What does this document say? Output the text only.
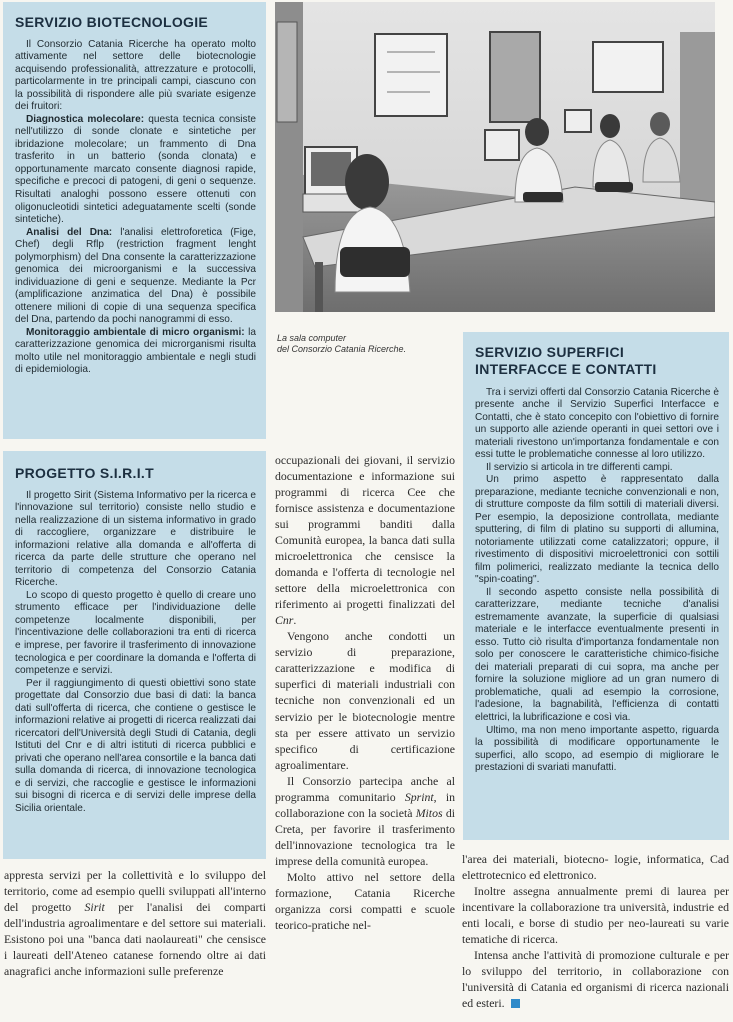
SERVIZIO BIOTECNOLOGIE

Il Consorzio Catania Ricerche ha operato molto attivamente nel settore delle biotecnologie acquisendo professionalità, attrezzature e protocolli, particolarmente in tre principali campi, ciascuno con la possibilità di rispondere alle più svariate esigenze dei fruitori:

Diagnostica molecolare: questa tecnica consiste nell'utilizzo di sonde clonate e sintetiche per ibridazione molecolare; un frammento di Dna trasferito in un batterio (sonda clonata) e opportunamente marcato consente diagnosi rapide, specifiche e precoci di patogeni, di geni o sequenze. Risultati analoghi possono essere ottenuti con oligonucleotidi sintetici adeguatamente scelti (sonde sintetiche).

Analisi del Dna: l'analisi elettroforetica (Fige, Chef) degli Rflp (restriction fragment lenght polymorphism) del Dna consente la caratterizzazione genomica dei microorganismi e la successiva individuazione di geni e sequenze. Mediante la Pcr (amplificazione anzimatica del Dna) è possibile ottenere milioni di copie di una sequenza specifica del Dna, partendo da pochi nanogrammi di esso.

Monitoraggio ambientale di micro organismi: la caratterizzazione genomica dei microrganismi risulta molto utile nel monitoraggio ambientale e negli studi di epidemiologia.

La sala computer
del Consorzio Catania Ricerche.	SERVIZIO SUPERFICI
INTERFACCE E CONTATTI

Tra i servizi offerti dal Consorzio Catania Ricerche è presente anche il Servizio Superfici Interfacce e Contatti, che è stato concepito con l'obiettivo di fornire un supporto alle aziende operanti in quei settori ove i materiali rivestono un'importanza fondamentale e con essi tutte le problematiche connesse al loro utilizzo.

Il servizio si articola in tre differenti campi.

Un primo aspetto è rappresentato dalla preparazione, mediante tecniche convenzionali e non, di strutture composte da film sottili di materiali diversi. Per esempio, la deposizione controllata, mediante sputtering, di film di platino su supporti di allumina, notoriamente utilizzati come catalizzatori; oppure, il rivestimento di dispositivi microelettronici con sottili film polimerici, realizzato mediante la tecnica dello "spin-coating".

Il secondo aspetto consiste nella possibilità di caratterizzare, mediante tecniche d'analisi estremamente avanzate, la superficie di qualsiasi materiale e le interfacce eventualmente presenti in esso. Tutto ciò risulta d'importanza fondamentale non solo per conoscere le caratteristiche chimico-fisiche dei materiali preparati di cui sopra, ma anche per fornire la soluzione migliore ad un gran numero di problematiche, quali ad esempio la corrosione, l'adesione, la bagnabilità, l'efficienza di contatti elettrici, la lubrificazione e così via.

Ultimo, ma non meno importante aspetto, riguarda la possibilità di modificare opportunamente le superfici, allo scopo, ad esempio di migliorare le prestazioni di svariati manufatti.

PROGETTO S.I.R.I.T

Il progetto Sirit (Sistema Informativo per la ricerca e l'innovazione sul territorio) consiste nello studio e nella realizzazione di un sistema informativo in grado di raccogliere, organizzare e distribuire le informazioni relative alla domanda e all'offerta di ricerca da parte delle strutture che operano nel territorio di competenza del Consorzio Catania Ricerche.

Lo scopo di questo progetto è quello di creare uno strumento efficace per l'individuazione delle competenze localmente disponibili, per l'incentivazione delle collaborazioni tra enti di ricerca e imprese, per favorire il trasferimento di innovazione tecnologica e per coordinare la domanda e l'offerta di competenze e servizi.

Per il raggiungimento di questi obiettivi sono state progettate dal Consorzio due basi di dati: la banca dati sull'offerta di ricerca, che contiene o gestisce le informazioni relative ai progetti di ricerca realizzati dai ricercatori dell'Università degli Studi di Catania, degli Istituti del Cnr e di altri istituti di ricerca pubblici e privati che operano nell'area consortile e la banca dati sulla domanda di ricerca, di innovazione tecnologica e di servizi, che raccoglie e gestisce le informazioni sui bisogni di ricerca e di servizi delle imprese della Sicilia orientale.

occupazionali dei giovani, il servizio documentazione e informazione sui programmi di ricerca Cee che fornisce assistenza e documentazione sui programmi banditi dalla Comunità europea, la banca dati sulla microelettronica che censisce la domanda e l'offerta di tecnologie nel settore della microelettronica con riferimento ai progetti finalizzati del Cnr.

Vengono anche condotti un servizio di preparazione, caratterizzazione e modifica di superfici di materiali industriali con tecniche non convenzionali ed un servizio per le biotecnologie mentre sta per essere attivato un servizio specifico di certificazione agroalimentare.

Il Consorzio partecipa anche al programma comunitario Sprint, in collaborazione con la società Mitos di Creta, per favorire il trasferimento dell'innovazione tecnologica tra le imprese della comunità europea.

Molto attivo nel settore della formazione, Catania Ricerche organizza corsi compatti e scuole teorico-pratiche nel-

appresta servizi per la collettività e lo sviluppo del territorio, come ad esempio quelli sviluppati all'interno del progetto Sirit per l'analisi dei comparti dell'industria agroalimentare e del settore sui materiali. Esistono poi una "banca dati naolaureati" che censisce i laureati dell'Ateneo catanese fornendo oltre ai dati anagrafici anche informazioni sulle preferenze

l'area dei materiali, biotecno- logie, informatica, Cad elettrotecnico ed elettronico.

Inoltre assegna annualmente premi di laurea per incentivare la collaborazione tra università, industrie ed enti locali, e borse di studio per neo-laureati su varie tematiche di ricerca.

Intensa anche l'attività di promozione culturale e per lo sviluppo del territorio, in collaborazione con l'università di Catania ed organismi di ricerca nazionali ed esteri.
